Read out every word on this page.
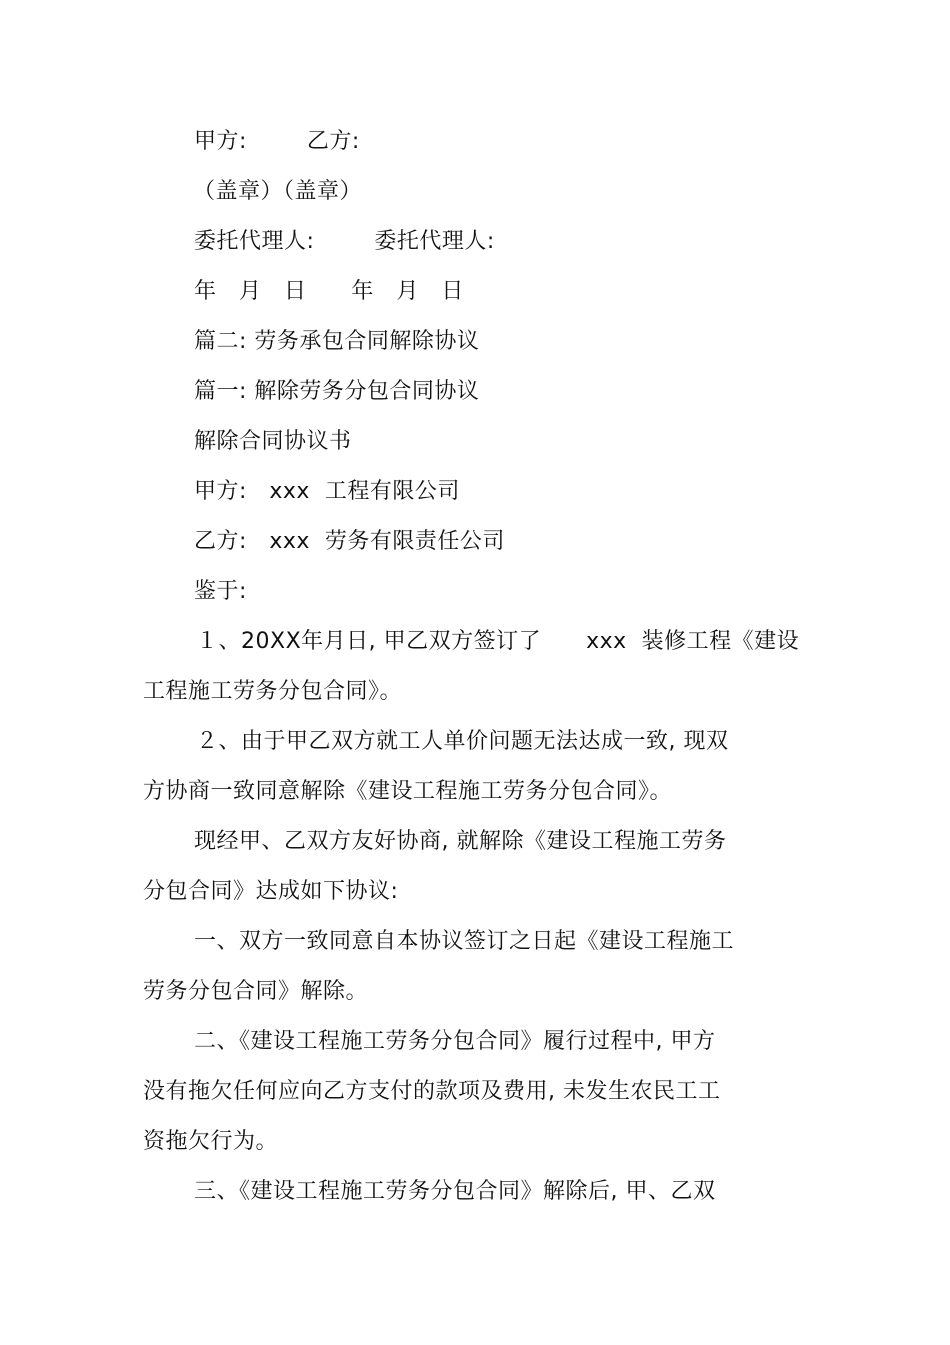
甲方:        乙方:
（盖章）（盖章）
委托代理人:        委托代理人:
年   月   日      年   月   日
篇二: 劳务承包合同解除协议
篇一: 解除劳务分包合同协议
解除合同协议书
甲方:   xxx  工程有限公司
乙方:   xxx  劳务有限责任公司
鉴于:
１、20XX年月日, 甲乙双方签订了      xxx  装修工程《建设
工程施工劳务分包合同》。
２、由于甲乙双方就工人单价问题无法达成一致, 现双
方协商一致同意解除《建设工程施工劳务分包合同》。
现经甲、乙双方友好协商, 就解除《建设工程施工劳务
分包合同》达成如下协议:
一、双方一致同意自本协议签订之日起《建设工程施工
劳务分包合同》解除。
二、《建设工程施工劳务分包合同》履行过程中, 甲方
没有拖欠任何应向乙方支付的款项及费用, 未发生农民工工
资拖欠行为。
三、《建设工程施工劳务分包合同》解除后, 甲、乙双
